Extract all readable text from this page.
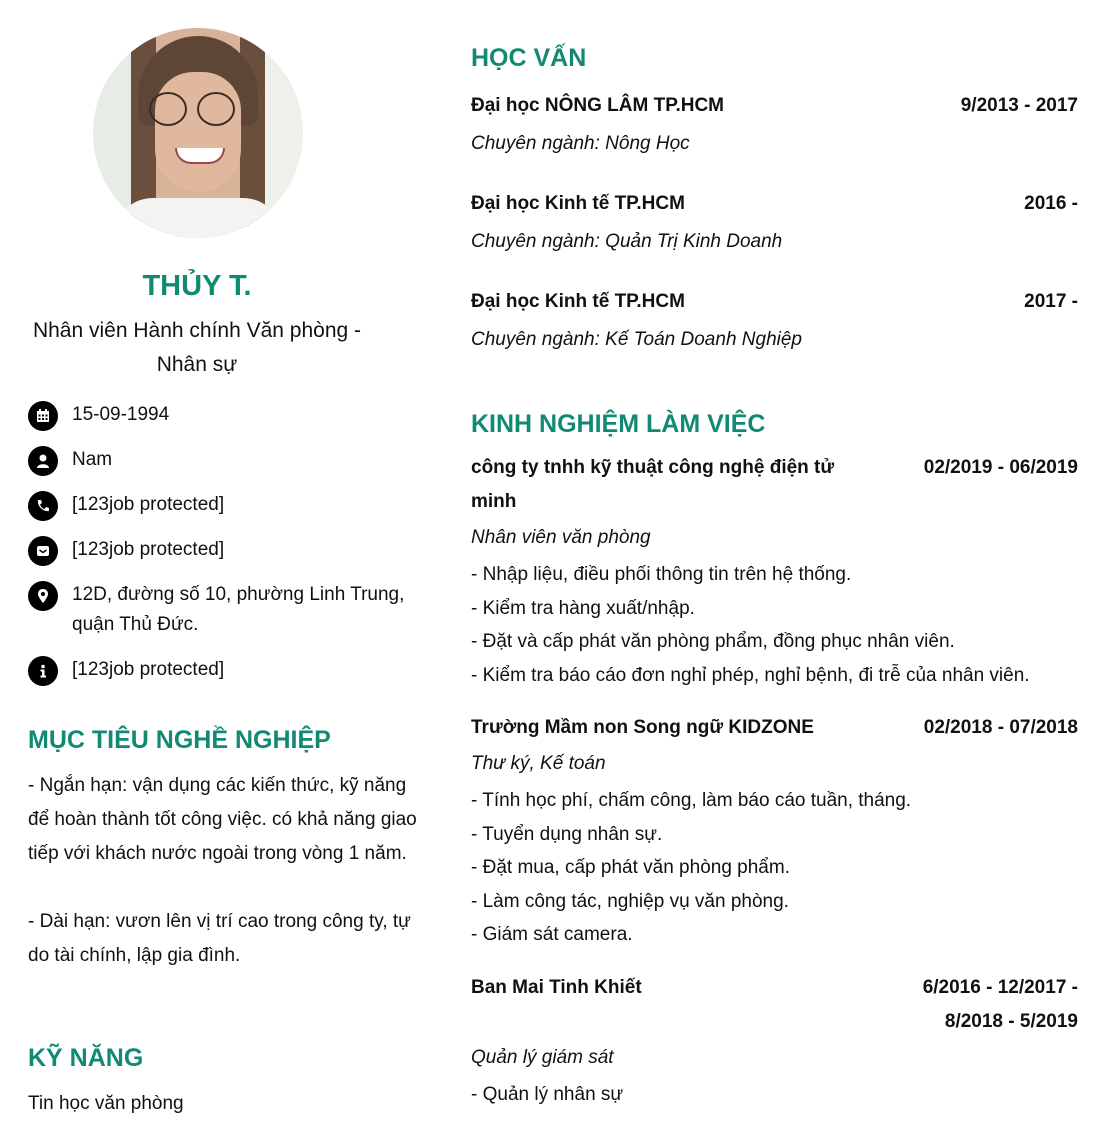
THỦY T.
Nhân viên Hành chính Văn phòng -
Nhân sự
15-09-1994
Nam
[123job protected]
[123job protected]
12D, đường số 10, phường Linh Trung, quận Thủ Đức.
[123job protected]
MỤC TIÊU NGHỀ NGHIỆP
- Ngắn hạn: vận dụng các kiến thức, kỹ năng để hoàn thành tốt công việc. có khả năng giao tiếp với khách nước ngoài trong vòng 1 năm.
- Dài hạn: vươn lên vị trí cao trong công ty, tự do tài chính, lập gia đình.
KỸ NĂNG
Tin học văn phòng
HỌC VẤN
Đại học NÔNG LÂM TP.HCM	9/2013 - 2017
Chuyên ngành: Nông Học
Đại học Kinh tế TP.HCM	2016 -
Chuyên ngành: Quản Trị Kinh Doanh
Đại học Kinh tế TP.HCM	2017 -
Chuyên ngành: Kế Toán Doanh Nghiệp
KINH NGHIỆM LÀM VIỆC
công ty tnhh kỹ thuật công nghệ điện tử minh
02/2019 - 06/2019
Nhân viên văn phòng
- Nhập liệu, điều phối thông tin trên hệ thống.
- Kiểm tra hàng xuất/nhập.
- Đặt và cấp phát văn phòng phẩm, đồng phục nhân viên.
- Kiểm tra báo cáo đơn nghỉ phép, nghỉ bệnh, đi trễ của nhân viên.
Trường Mầm non Song ngữ KIDZONE	02/2018 - 07/2018
Thư ký, Kế toán
- Tính học phí, chấm công, làm báo cáo tuần, tháng.
- Tuyển dụng nhân sự.
- Đặt mua, cấp phát văn phòng phẩm.
- Làm công tác, nghiệp vụ văn phòng.
- Giám sát camera.
Ban Mai Tinh Khiết	6/2016 - 12/2017 -
8/2018 - 5/2019
Quản lý giám sát
- Quản lý nhân sự
